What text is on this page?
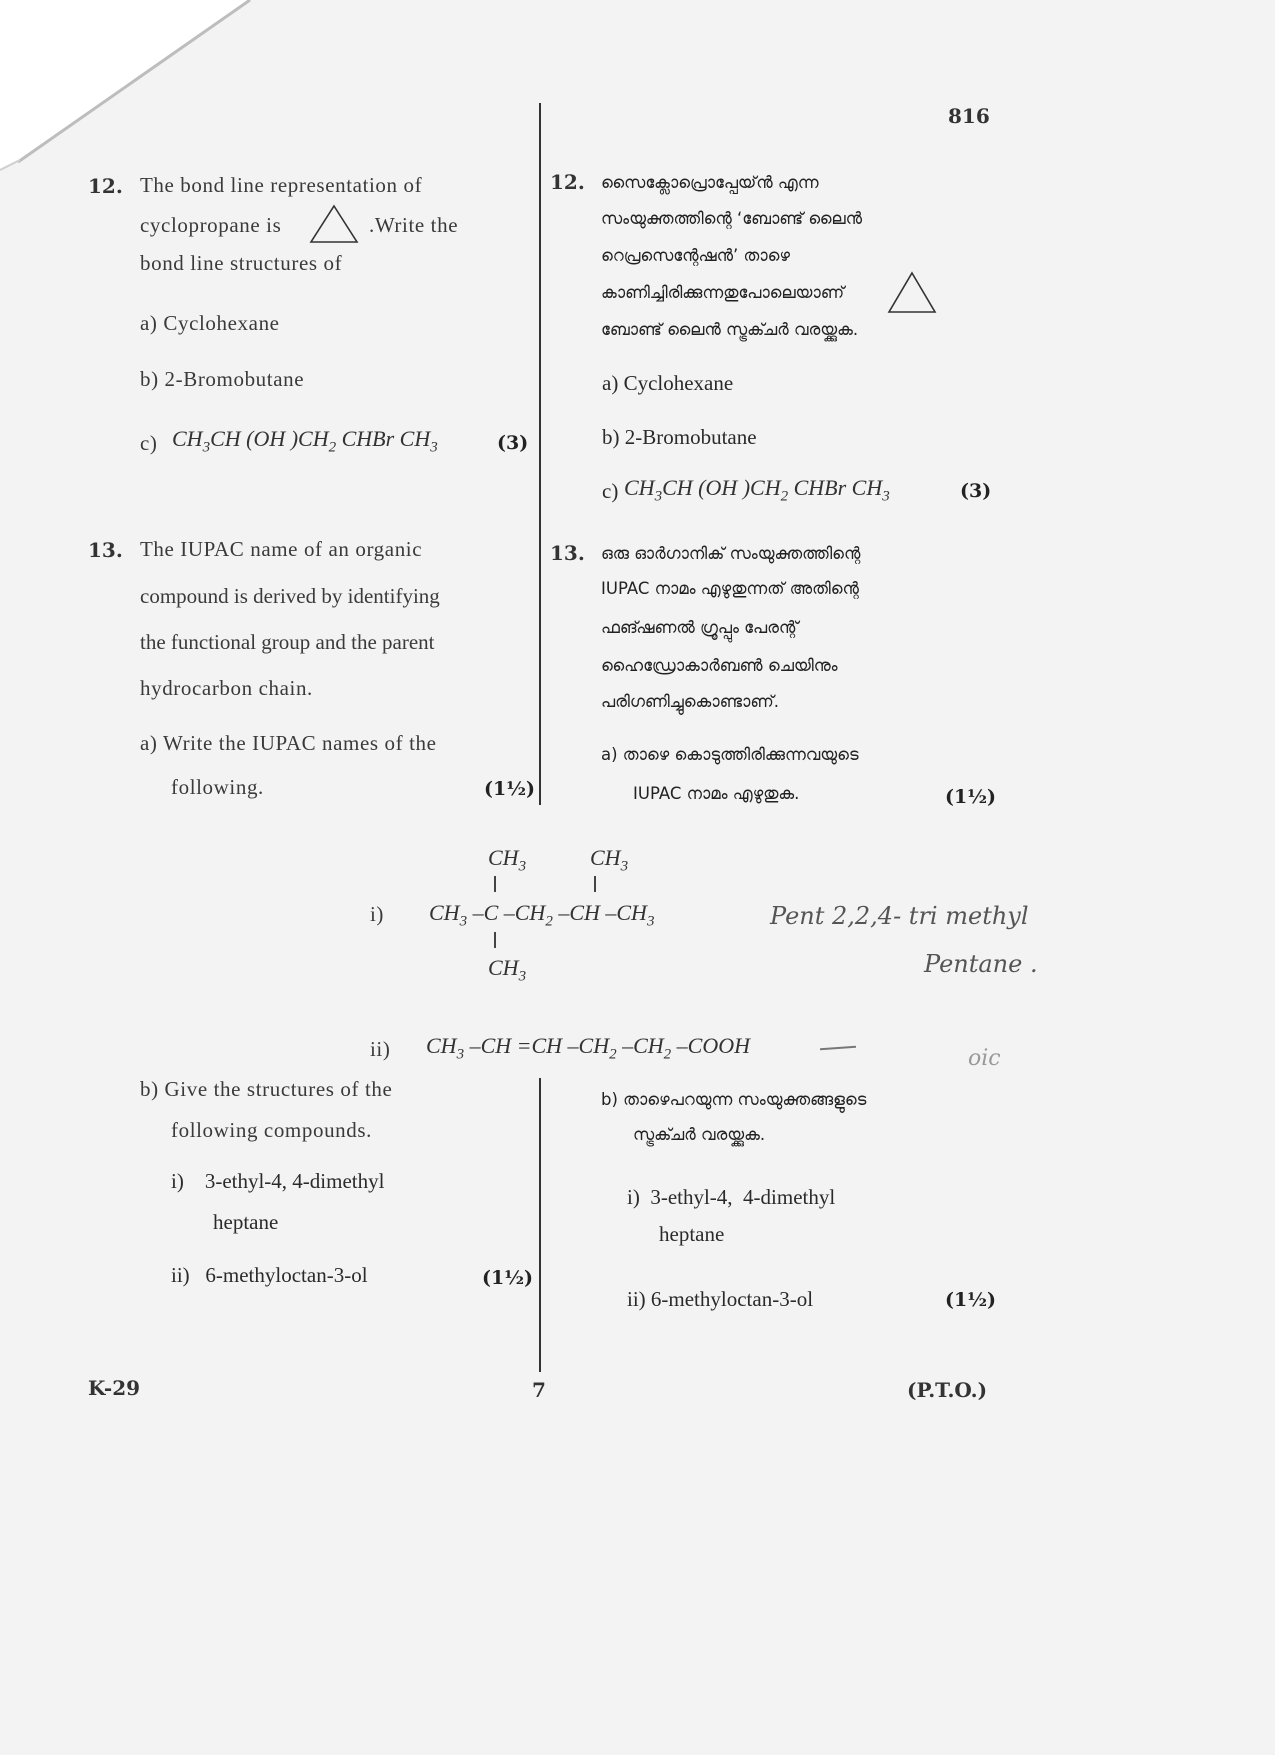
816
12. The bond line representation of
cyclopropane is	.Write the
bond line structures of
a) Cyclohexane
b) 2-Bromobutane
c) $CH_3CH$ (OH )$CH_2$ CHBr $CH_3$	(3)
12. സൈക്ലോപ്രൊപ്പേയ്‌ൻ എന്ന
സംയുക്തത്തിന്റെ ‘ബോണ്ട് ലൈൻ
റെപ്രസെന്റേഷൻ’ താഴെ
കാണിച്ചിരിക്കുന്നതുപോലെയാണ്
ബോണ്ട് ലൈൻ സ്ട്രക്ചർ വരയ്ക്കുക.
a) Cyclohexane
b) 2-Bromobutane
c) $CH_3CH$ (OH )$CH_2$ CHBr $CH_3$	(3)
13. The IUPAC name of an organic
compound is derived by identifying
the functional group and the parent
hydrocarbon chain.
a) Write the IUPAC names of the
following.	(1½)
13. ഒരു ഓർഗാനിക് സംയുക്തത്തിന്റെ
IUPAC നാമം എഴുതുന്നത് അതിന്റെ
ഫങ്ഷണൽ ഗ്രൂപ്പും പേരന്റ്
ഹൈഡ്രോകാർബൺ ചെയിനും
പരിഗണിച്ചുകൊണ്ടാണ്.
a) താഴെ കൊടുത്തിരിക്കുന്നവയുടെ
IUPAC നാമം എഴുതുക.	(1½)
i)
$CH_3$	$CH_3$
$CH_3$ –C $-CH_2$ –CH $-CH_3$
$CH_3$
Pent 2,2,4- tri methyl
Pentane .
ii) $CH_3$ –CH =CH $-CH_2$ $-CH_2$ –COOH
oic
b) Give the structures of the
following compounds.
i)    3-ethyl-4, 4-dimethyl
heptane
ii)   6-methyloctan-3-ol	(1½)
b) താഴെപറയുന്ന സംയുക്തങ്ങളുടെ
സ്ട്രക്ചർ വരയ്ക്കുക.
i)  3-ethyl-4,  4-dimethyl
heptane
ii) 6-methyloctan-3-ol	(1½)
K-29	7	(P.T.O.)
